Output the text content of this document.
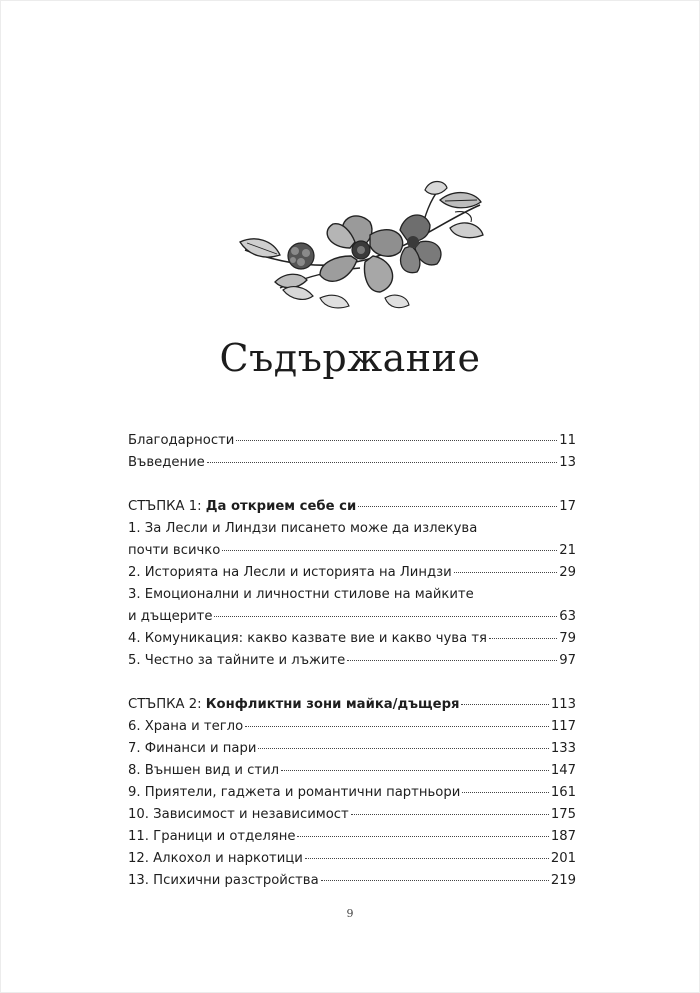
Съдържание
Благодарности	11
Въведение	13
СТЪПКА 1: Да открием себе си	17
1. За Лесли и Линдзи писането може да излекува
почти всичко	21
2. Историята на Лесли и историята на Линдзи	29
3. Емоционални и личностни стилове на майките
и дъщерите	63
4. Комуникация: какво казвате вие и какво чува тя	79
5. Честно за тайните и лъжите	97
СТЪПКА 2: Конфликтни зони майка/дъщеря	113
6. Храна и тегло	117
7. Финанси и пари	133
8. Външен вид и стил	147
9. Приятели, гаджета и романтични партньори	161
10. Зависимост и независимост	175
11. Граници и отделяне	187
12. Алкохол и наркотици	201
13. Психични разстройства	219
9
